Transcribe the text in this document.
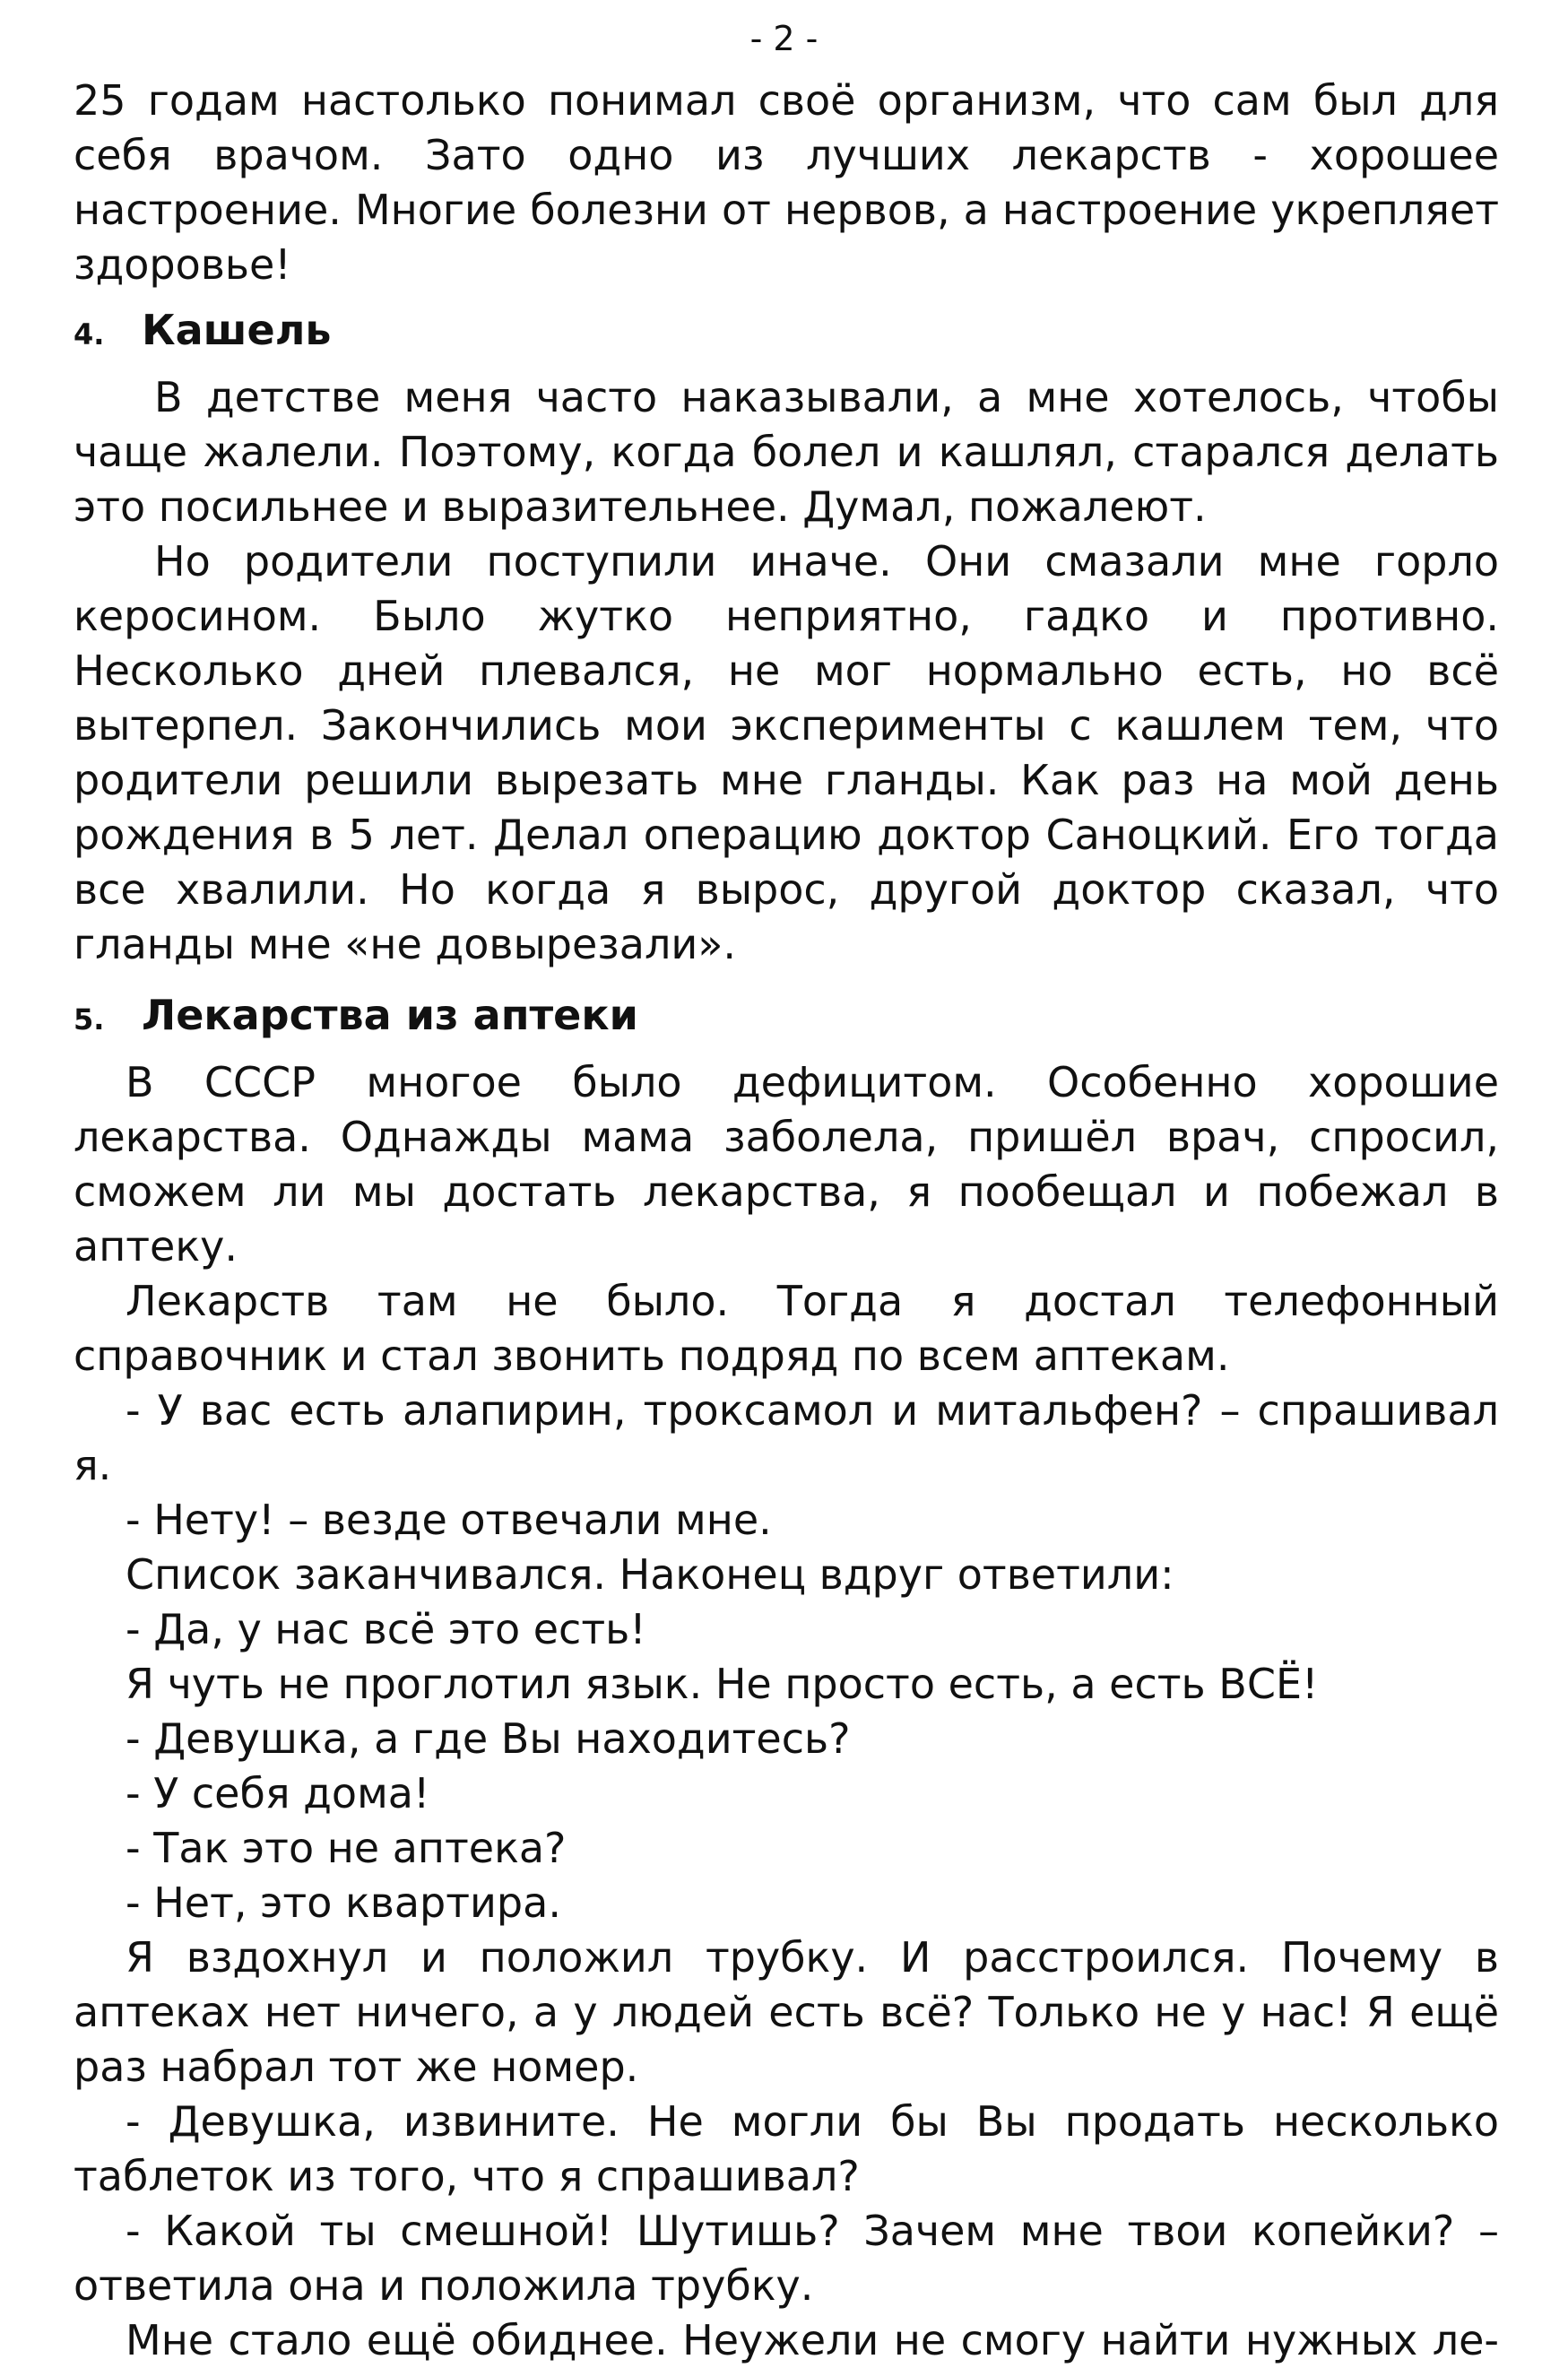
- 2 -

25 годам настолько понимал своё организм, что сам был для себя врачом. Зато одно из лучших лекарств - хорошее настроение. Многие болезни от нервов, а настроение укрепляет здоровье!

4. Кашель

В детстве меня часто наказывали, а мне хотелось, чтобы чаще жалели. Поэтому, когда болел и кашлял, старался делать это посильнее и выразительнее. Думал, пожалеют.

Но родители поступили иначе. Они смазали мне горло керосином. Было жутко неприятно, гадко и противно. Несколько дней плевался, не мог нормально есть, но всё вытерпел. Закончились мои эксперименты с кашлем тем, что родители решили вырезать мне гланды. Как раз на мой день рождения в 5 лет. Делал операцию доктор Саноцкий. Его тогда все хвалили. Но когда я вырос, другой доктор сказал, что гланды мне «не довырезали».

5. Лекарства из аптеки

В СССР многое было дефицитом. Особенно хорошие лекарства. Однажды мама заболела, пришёл врач, спросил, сможем ли мы достать лекарства, я пообещал и побежал в аптеку.

Лекарств там не было. Тогда я достал телефонный справочник и стал звонить подряд по всем аптекам.

- У вас есть алапирин, троксамол и митальфен? – спрашивал я.

- Нету! – везде отвечали мне.

Список заканчивался. Наконец вдруг ответили:

- Да, у нас всё это есть!

Я чуть не проглотил язык. Не просто есть, а есть ВСЁ!

- Девушка, а где Вы находитесь?

- У себя дома!

- Так это не аптека?

- Нет, это квартира.

Я вздохнул и положил трубку. И расстроился. Почему в аптеках нет ничего, а у людей есть всё? Только не у нас! Я ещё раз набрал тот же номер.

- Девушка, извините. Не могли бы Вы продать несколько таблеток из того, что я спрашивал?

- Какой ты смешной! Шутишь? Зачем мне твои копейки? – ответила она и положила трубку.

Мне стало ещё обиднее. Неужели не смогу найти нужных ле-
